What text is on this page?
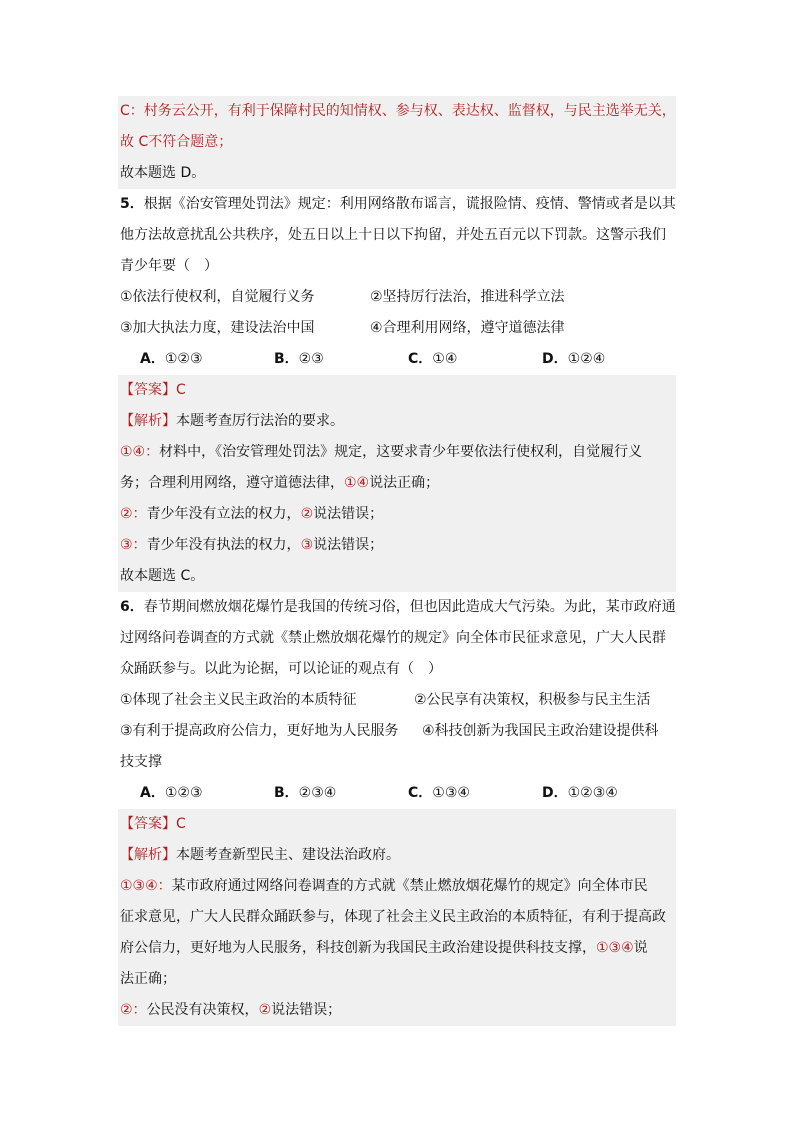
C：村务云公开，有利于保障村民的知情权、参与权、表达权、监督权，与民主选举无关，
故 C不符合题意；
故本题选 D。
5．根据《治安管理处罚法》规定：利用网络散布谣言，谎报险情、疫情、警情或者是以其
他方法故意扰乱公共秩序，处五日以上十日以下拘留，并处五百元以下罚款。这警示我们
青少年要（　）
①依法行使权利，自觉履行义务	②坚持厉行法治，推进科学立法
③加大执法力度，建设法治中国	④合理利用网络，遵守道德法律
A．①②③	B．②③	C．①④	D．①②④
【答案】C
【解析】本题考查厉行法治的要求。
①④：材料中，《治安管理处罚法》规定，这要求青少年要依法行使权利，自觉履行义
务；合理利用网络，遵守道德法律，①④说法正确；
②：青少年没有立法的权力，②说法错误；
③：青少年没有执法的权力，③说法错误；
故本题选 C。
6．春节期间燃放烟花爆竹是我国的传统习俗，但也因此造成大气污染。为此，某市政府通
过网络问卷调查的方式就《禁止燃放烟花爆竹的规定》向全体市民征求意见，广大人民群
众踊跃参与。以此为论据，可以论证的观点有（　）
①体现了社会主义民主政治的本质特征	②公民享有决策权，积极参与民主生活
③有利于提高政府公信力，更好地为人民服务	④科技创新为我国民主政治建设提供科
技支撑
A．①②③	B．②③④	C．①③④	D．①②③④
【答案】C
【解析】本题考查新型民主、建设法治政府。
①③④：某市政府通过网络问卷调查的方式就《禁止燃放烟花爆竹的规定》向全体市民
征求意见，广大人民群众踊跃参与，体现了社会主义民主政治的本质特征，有利于提高政
府公信力，更好地为人民服务，科技创新为我国民主政治建设提供科技支撑，①③④说
法正确；
②：公民没有决策权，②说法错误；
